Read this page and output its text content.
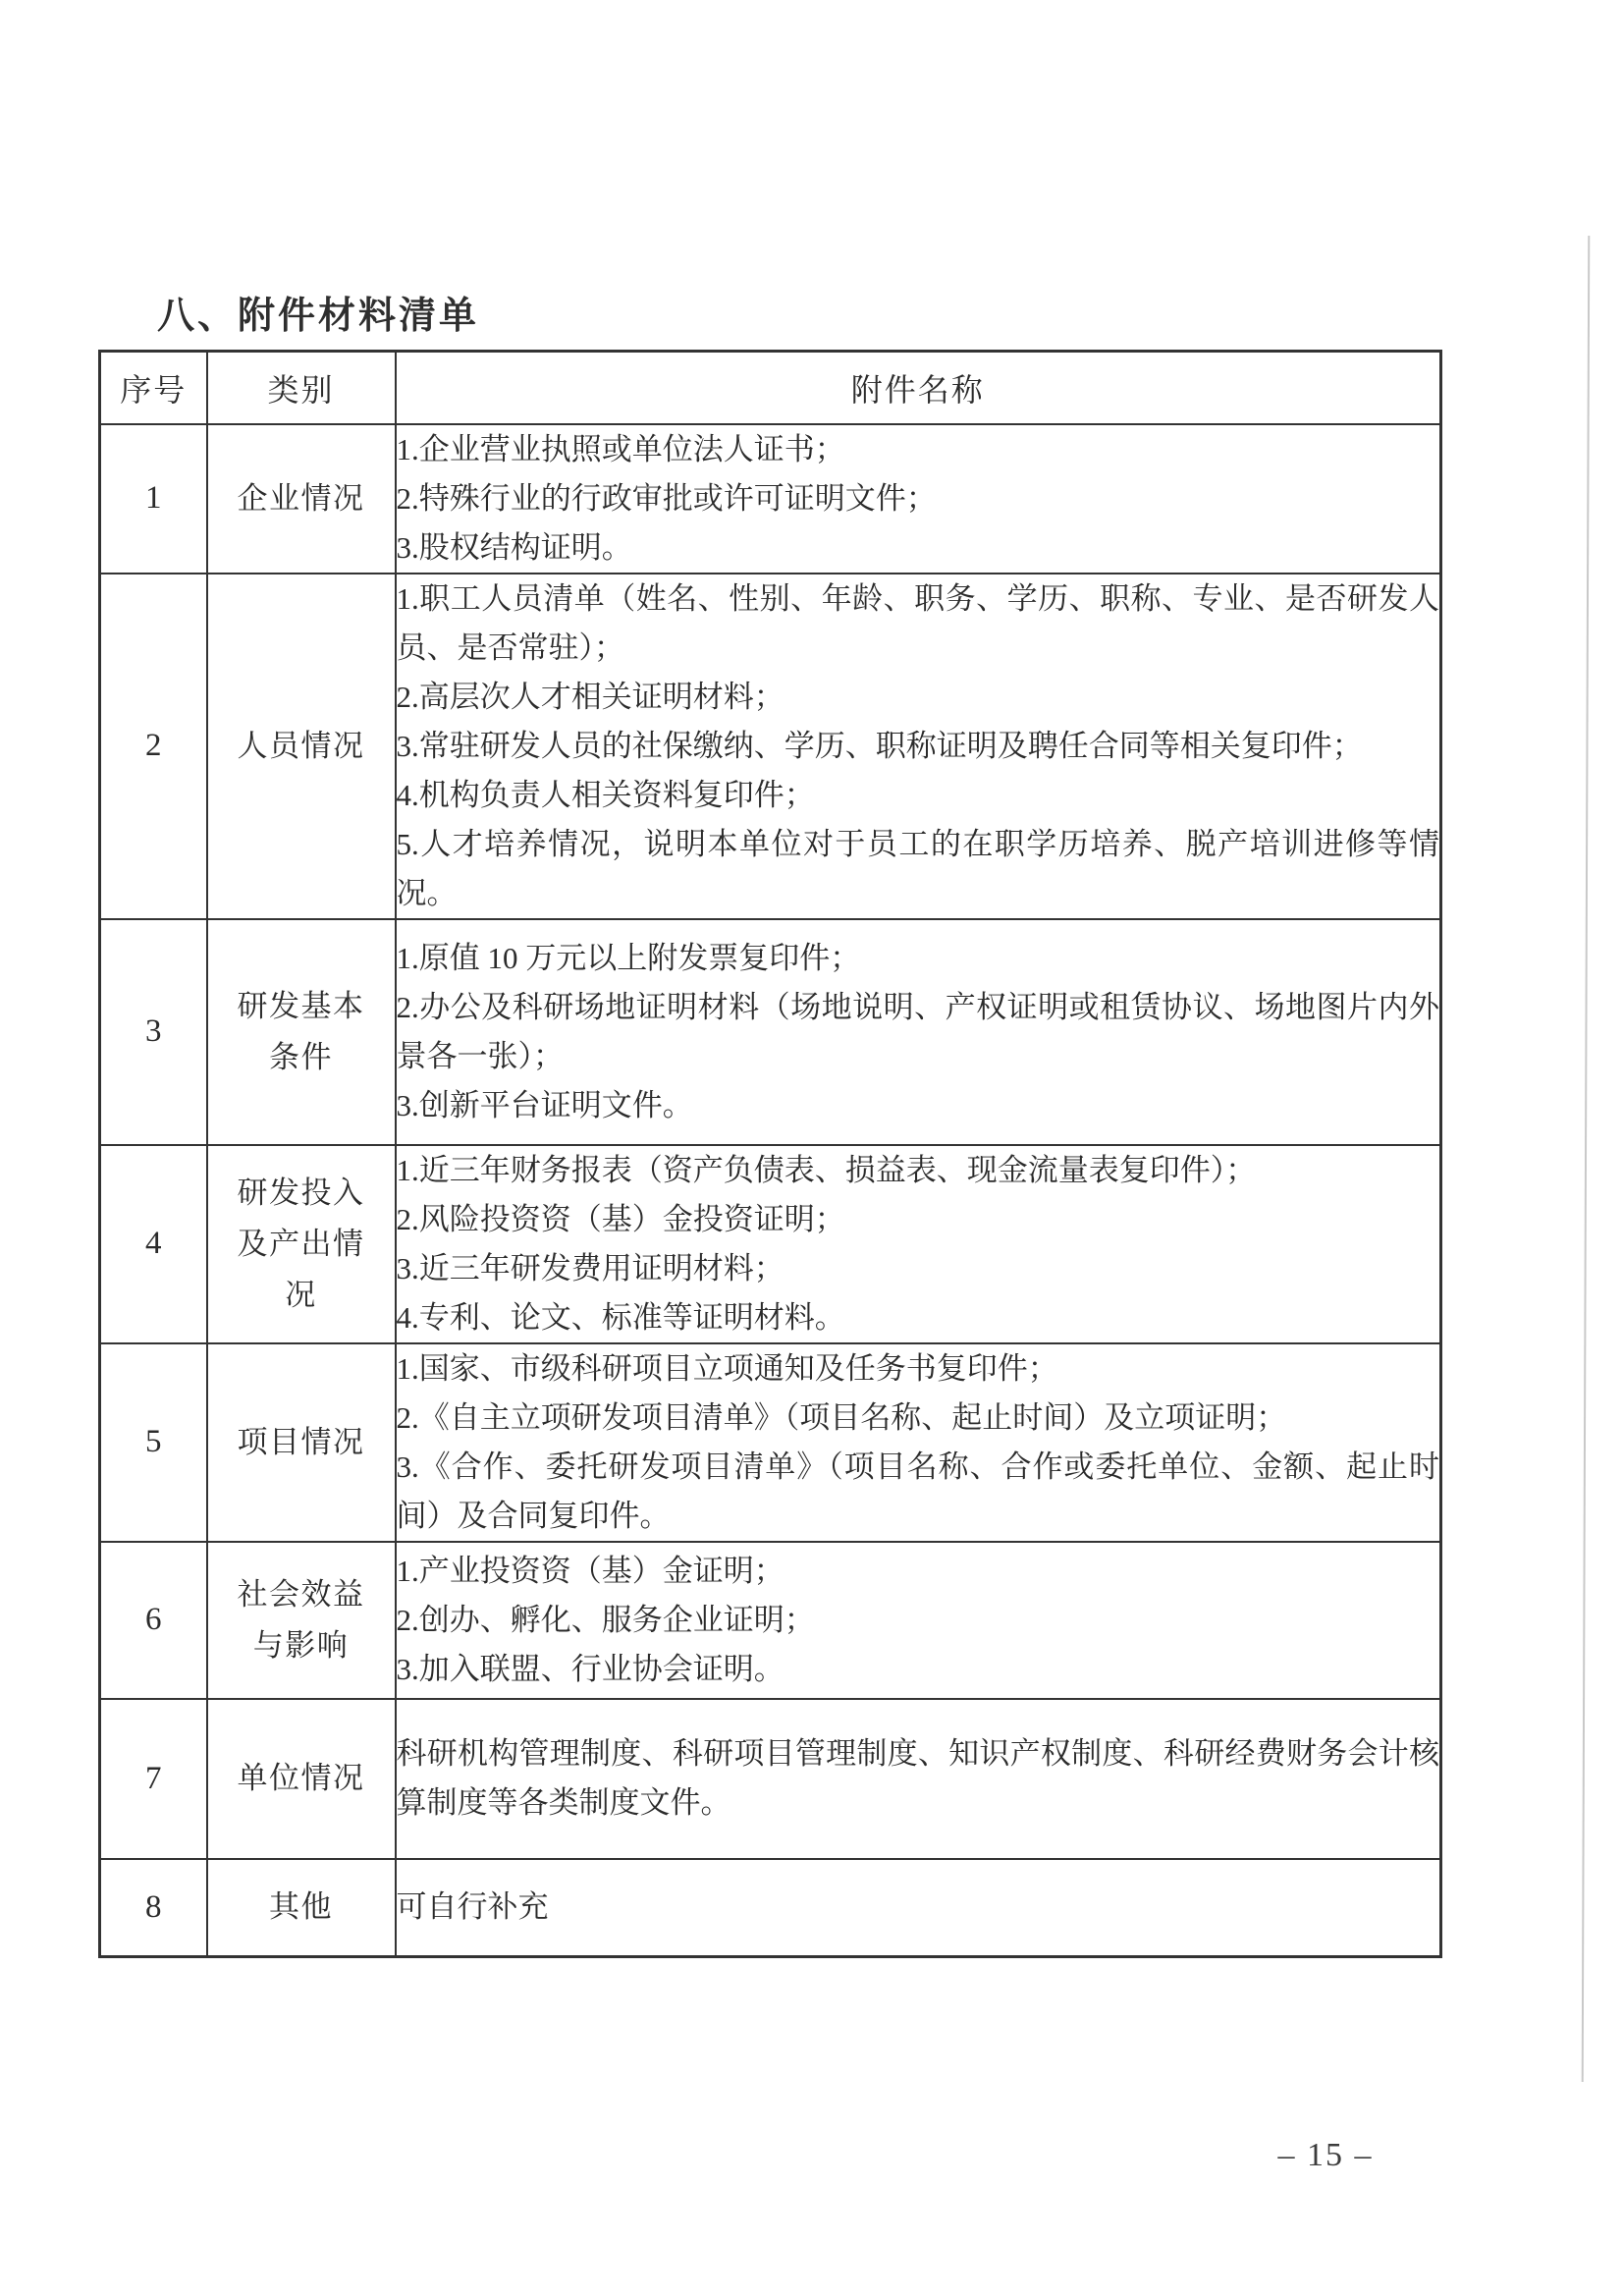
八、附件材料清单
序号	类别	附件名称
1	企业情况	1.企业营业执照或单位法人证书；

2.特殊行业的行政审批或许可证明文件；

3.股权结构证明。

2	人员情况	1.职工人员清单（姓名、性别、年龄、职务、学历、职称、专业、是否研发人员、是否常驻）；

2.高层次人才相关证明材料；

3.常驻研发人员的社保缴纳、学历、职称证明及聘任合同等相关复印件；

4.机构负责人相关资料复印件；

5.人才培养情况，说明本单位对于员工的在职学历培养、脱产培训进修等情况。

3	研发基本条件	1.原值 10 万元以上附发票复印件；

2.办公及科研场地证明材料（场地说明、产权证明或租赁协议、场地图片内外景各一张）；

3.创新平台证明文件。

4	研发投入及产出情况	1.近三年财务报表（资产负债表、损益表、现金流量表复印件）；

2.风险投资资（基）金投资证明；

3.近三年研发费用证明材料；

4.专利、论文、标准等证明材料。

5	项目情况	1.国家、市级科研项目立项通知及任务书复印件；

2.《自主立项研发项目清单》（项目名称、起止时间）及立项证明；

3.《合作、委托研发项目清单》（项目名称、合作或委托单位、金额、起止时间）及合同复印件。

6	社会效益与影响	1.产业投资资（基）金证明；

2.创办、孵化、服务企业证明；

3.加入联盟、行业协会证明。

7	单位情况	科研机构管理制度、科研项目管理制度、知识产权制度、科研经费财务会计核算制度等各类制度文件。

8	其他	可自行补充

– 15 –
